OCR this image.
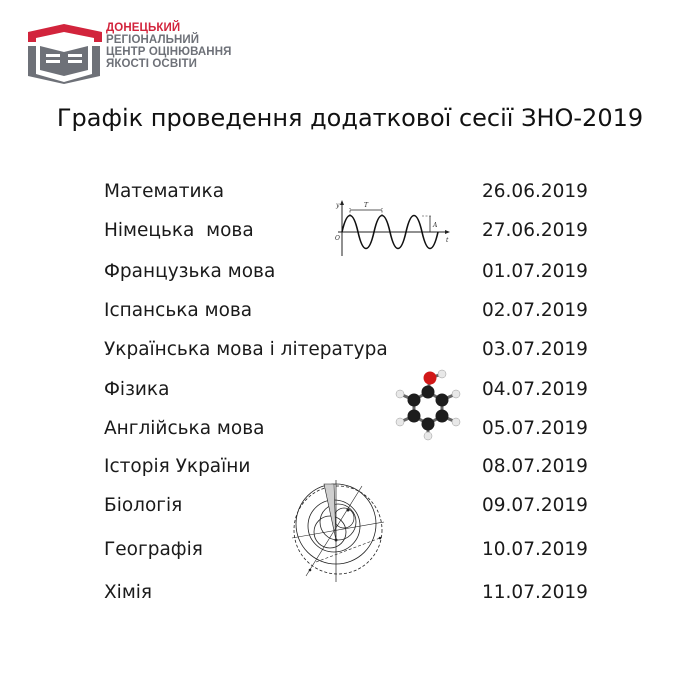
ДОНЕЦЬКИЙ
РЕГІОНАЛЬНИЙ
ЦЕНТР ОЦІНЮВАННЯ
ЯКОСТІ ОСВІТИ
Графік проведення додаткової сесії ЗНО-2019
Математика	26.06.2019
Німецька  мова	27.06.2019
Французька мова	01.07.2019
Іспанська мова	02.07.2019
Українська мова і література	03.07.2019
Фізика	04.07.2019
Англійська мова	05.07.2019
Історія України	08.07.2019
Біологія	09.07.2019
Географія	10.07.2019
Хімія	11.07.2019
y
t
O
T
A
